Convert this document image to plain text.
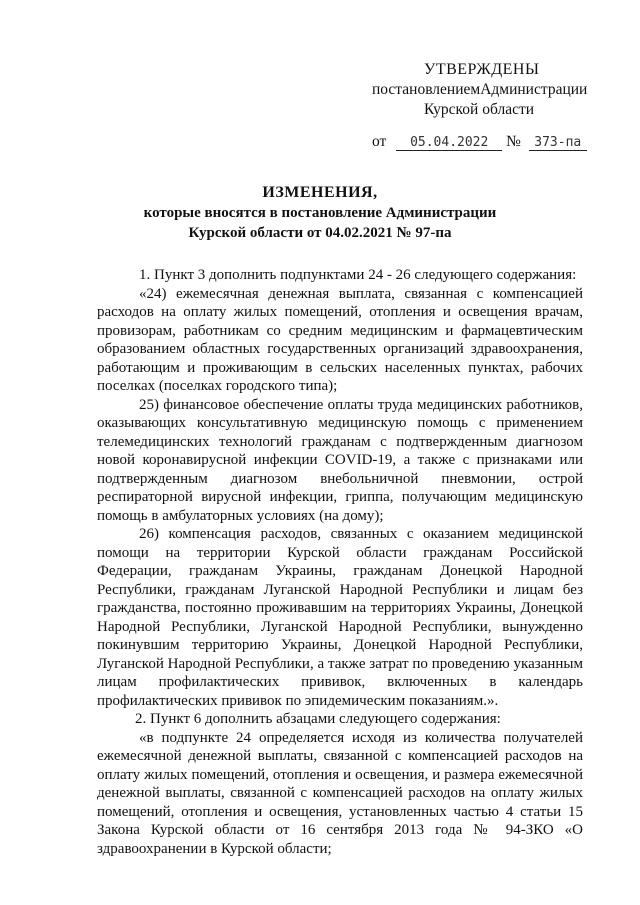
УТВЕРЖДЕНЫ
постановлениемАдминистрации
Курской области
от 05.04.2022 № 373-па
ИЗМЕНЕНИЯ,
которые вносятся в постановление Администрации
Курской области от 04.02.2021 № 97-па

1. Пункт 3 дополнить подпунктами 24 - 26 следующего содержания:

«24) ежемесячная денежная выплата, связанная с компенсацией расходов на оплату жилых помещений, отопления и освещения врачам, провизорам, работникам со средним медицинским и фармацевтическим образованием областных государственных организаций здравоохранения, работающим и проживающим в сельских населенных пунктах, рабочих поселках (поселках городского типа);

25) финансовое обеспечение оплаты труда медицинских работников, оказывающих консультативную медицинскую помощь с применением телемедицинских технологий гражданам с подтвержденным диагнозом новой коронавирусной инфекции COVID-19, а также с признаками или подтвержденным диагнозом внебольничной пневмонии, острой респираторной вирусной инфекции, гриппа, получающим медицинскую помощь в амбулаторных условиях (на дому);

26) компенсация расходов, связанных с оказанием медицинской помощи на территории Курской области гражданам Российской Федерации, гражданам Украины, гражданам Донецкой Народной Республики, гражданам Луганской Народной Республики и лицам без гражданства, постоянно проживавшим на территориях Украины, Донецкой Народной Республики, Луганской Народной Республики, вынужденно покинувшим территорию Украины, Донецкой Народной Республики, Луганской Народной Республики, а также затрат по проведению указанным лицам профилактических прививок, включенных в календарь профилактических прививок по эпидемическим показаниям.».

2. Пункт 6 дополнить абзацами следующего содержания:

«в подпункте 24 определяется исходя из количества получателей ежемесячной денежной выплаты, связанной с компенсацией расходов на оплату жилых помещений, отопления и освещения, и размера ежемесячной денежной выплаты, связанной с компенсацией расходов на оплату жилых помещений, отопления и освещения, установленных частью 4 статьи 15 Закона Курской области от 16 сентября 2013 года № 94-ЗКО «О здравоохранении в Курской области;
